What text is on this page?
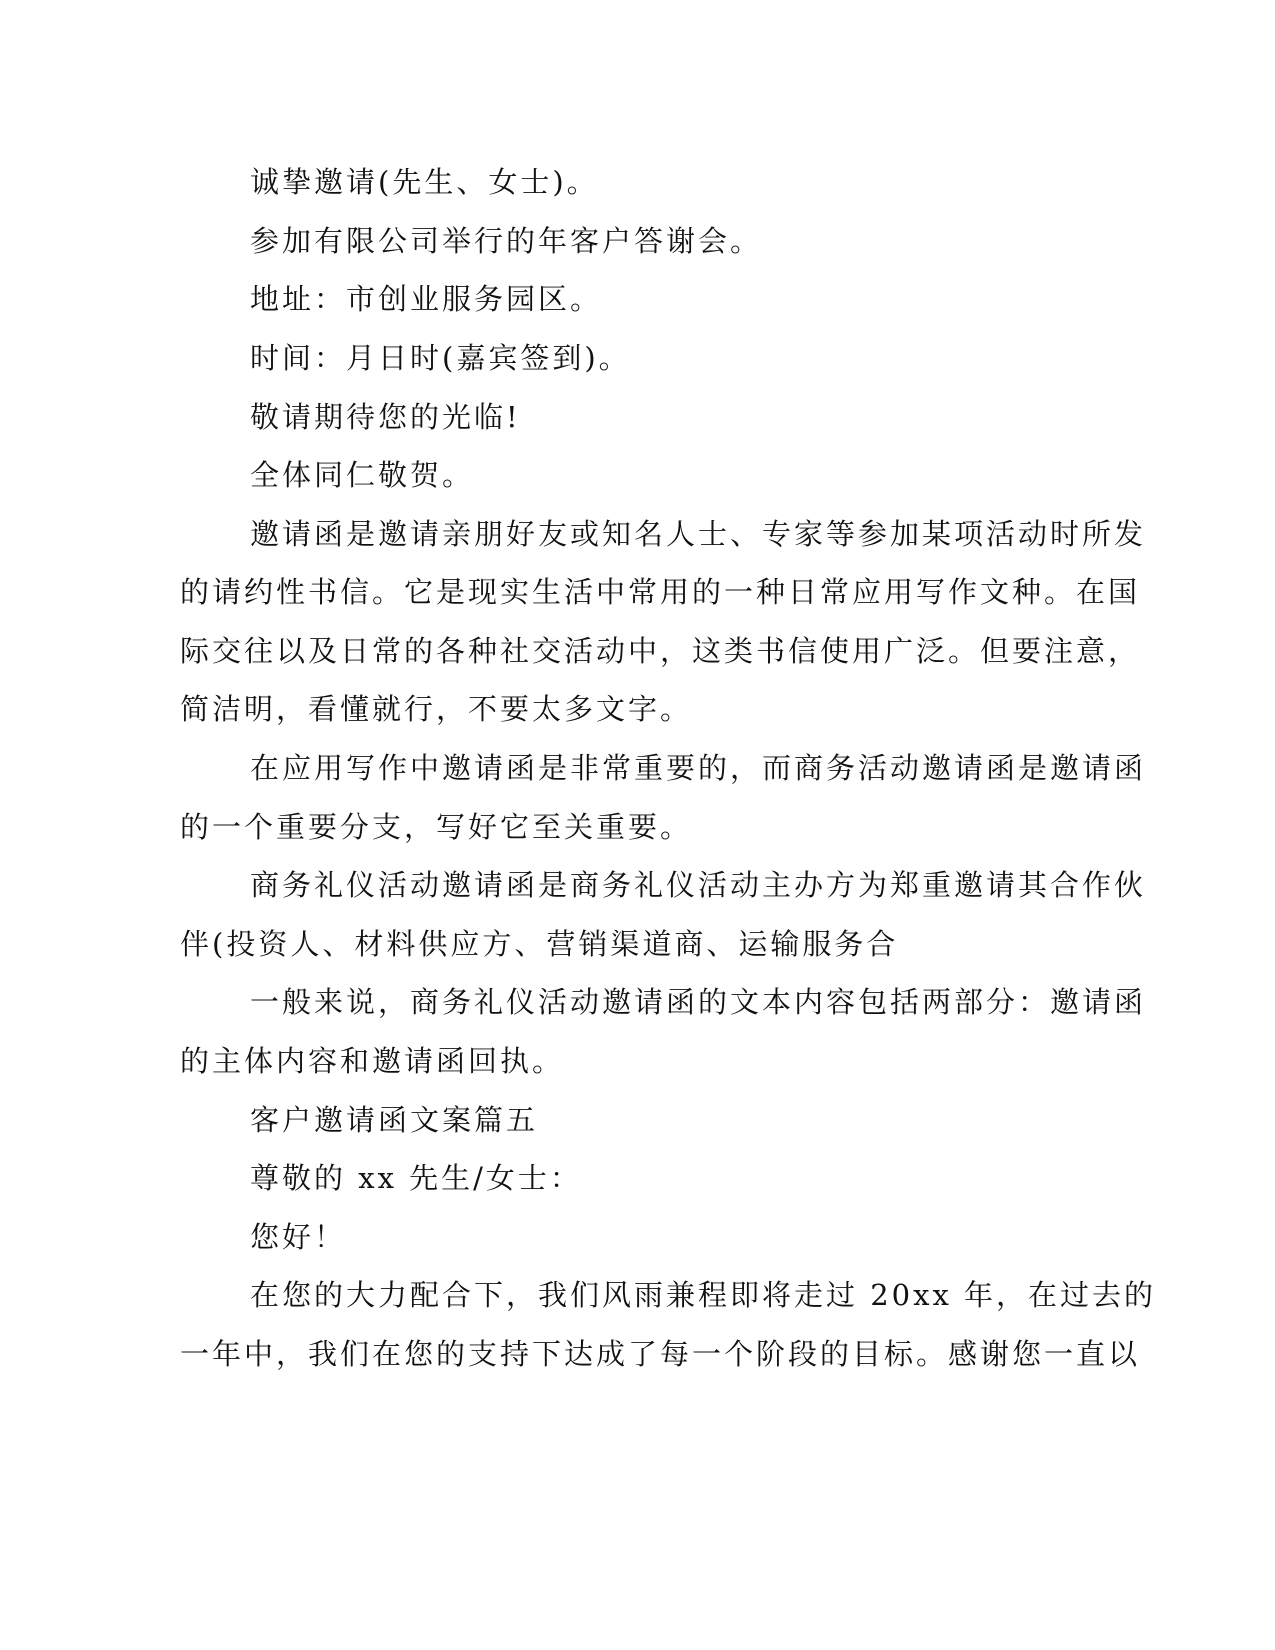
诚挚邀请(先生、女士)。
参加有限公司举行的年客户答谢会。
地址：市创业服务园区。
时间：月日时(嘉宾签到)。
敬请期待您的光临!
全体同仁敬贺。
邀请函是邀请亲朋好友或知名人士、专家等参加某项活动时所发
的请约性书信。它是现实生活中常用的一种日常应用写作文种。在国
际交往以及日常的各种社交活动中，这类书信使用广泛。但要注意，
简洁明，看懂就行，不要太多文字。
在应用写作中邀请函是非常重要的，而商务活动邀请函是邀请函
的一个重要分支，写好它至关重要。
商务礼仪活动邀请函是商务礼仪活动主办方为郑重邀请其合作伙
伴(投资人、材料供应方、营销渠道商、运输服务合
一般来说，商务礼仪活动邀请函的文本内容包括两部分：邀请函
的主体内容和邀请函回执。
客户邀请函文案篇五
尊敬的 xx 先生/女士：
您好！
在您的大力配合下，我们风雨兼程即将走过 20xx 年，在过去的
一年中，我们在您的支持下达成了每一个阶段的目标。感谢您一直以
